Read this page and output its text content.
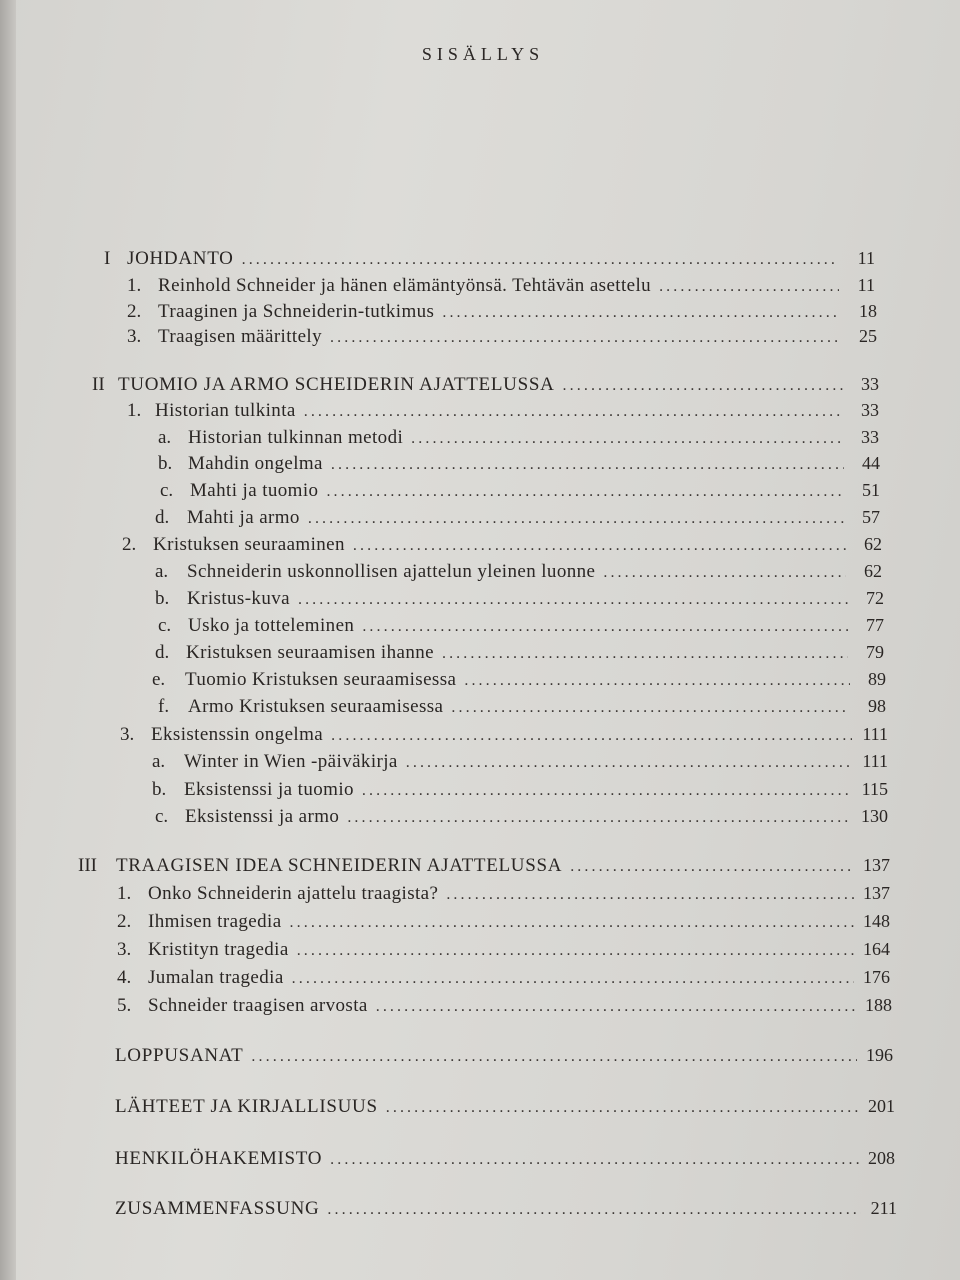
SISÄLLYS
I JOHDANTO .....	11
1. Reinhold Schneider ja hänen elämäntyönsä. Tehtävän asettelu .....	11
2. Traaginen ja Schneiderin-tutkimus .....	18
3. Traagisen määrittely .....	25
II TUOMIO JA ARMO SCHEIDERIN AJATTELUSSA .....	33
1. Historian tulkinta .....	33
a. Historian tulkinnan metodi .....	33
b. Mahdin ongelma .....	44
c. Mahti ja tuomio .....	51
d. Mahti ja armo .....	57
2. Kristuksen seuraaminen .....	62
a. Schneiderin uskonnollisen ajattelun yleinen luonne .....	62
b. Kristus-kuva .....	72
c. Usko ja totteleminen .....	77
d. Kristuksen seuraamisen ihanne .....	79
e.	Tuomio Kristuksen seuraamisessa .....	89
f. Armo Kristuksen seuraamisessa .....	98
3. Eksistenssin ongelma .....	111
a. Winter in Wien -päiväkirja .....	111
b. Eksistenssi ja tuomio .....	115
c. Eksistenssi ja armo .....	130
III	TRAAGISEN IDEA SCHNEIDERIN AJATTELUSSA .....	137
1. Onko Schneiderin ajattelu traagista? .....	137
2. Ihmisen tragedia .....	148
3. Kristityn tragedia .....	164
4. Jumalan tragedia .....	176
5. Schneider traagisen arvosta .....	188
LOPPUSANAT .....	196
LÄHTEET JA KIRJALLISUUS .....	201
HENKILÖHAKEMISTO .....	208
ZUSAMMENFASSUNG .....	211
